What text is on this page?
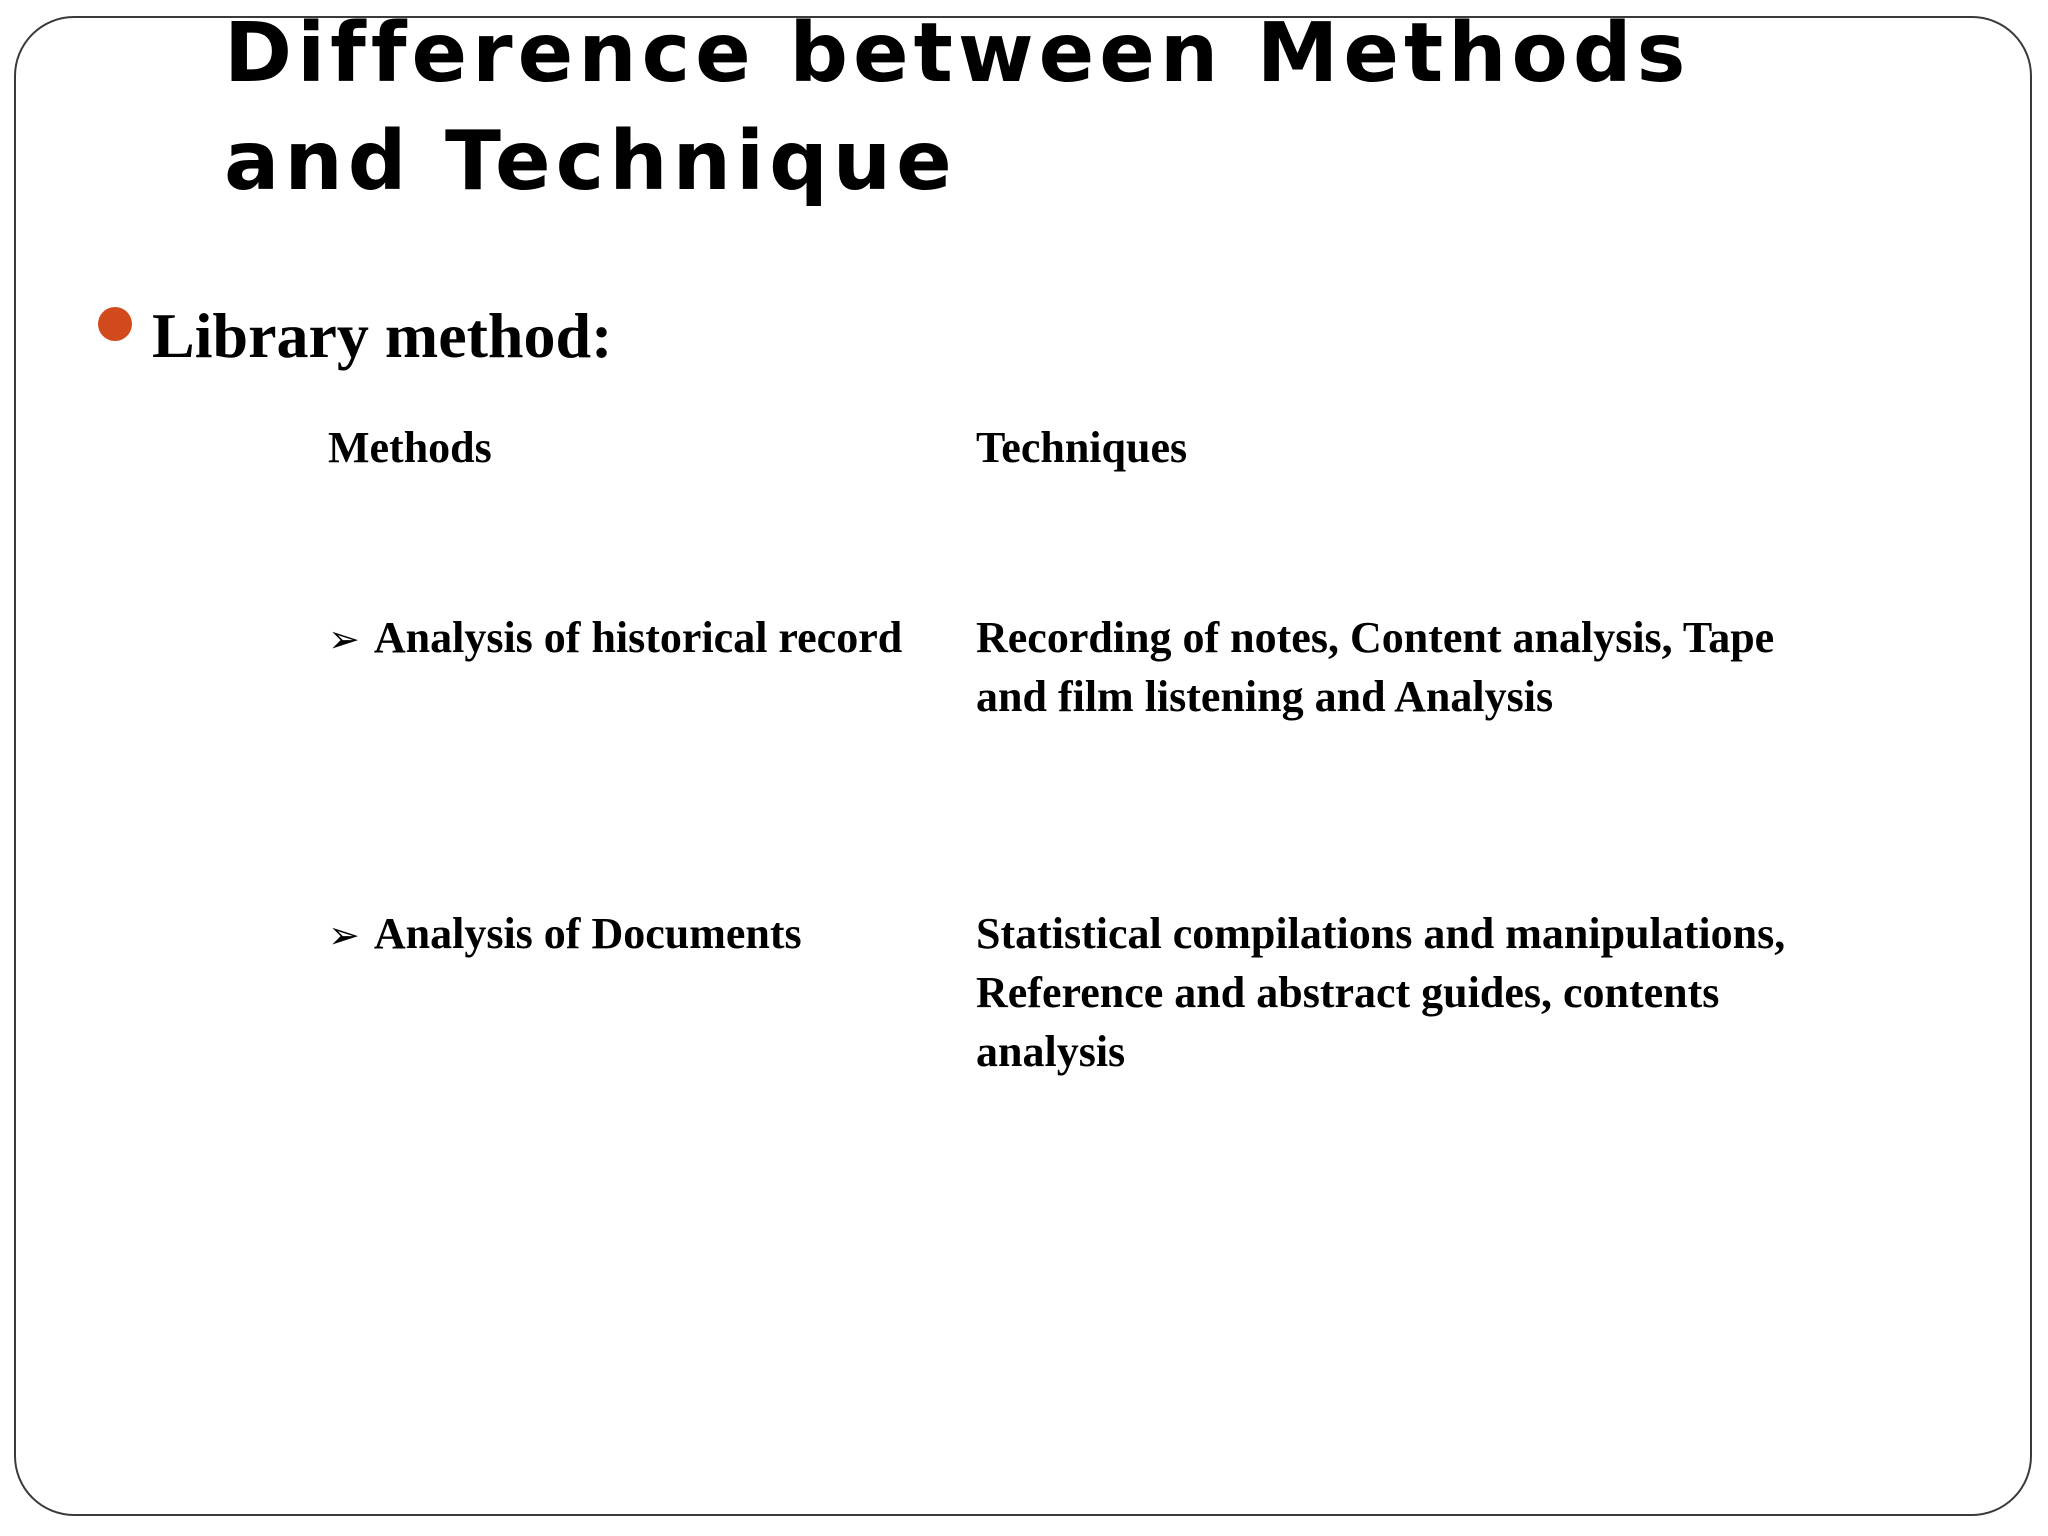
Difference between Methods and Technique
Library method:
Methods	Techniques
➢ Analysis of historical record	Recording of notes, Content analysis, Tape and film listening and Analysis
➢ Analysis of Documents	Statistical compilations and manipulations, Reference and abstract guides, contents analysis
